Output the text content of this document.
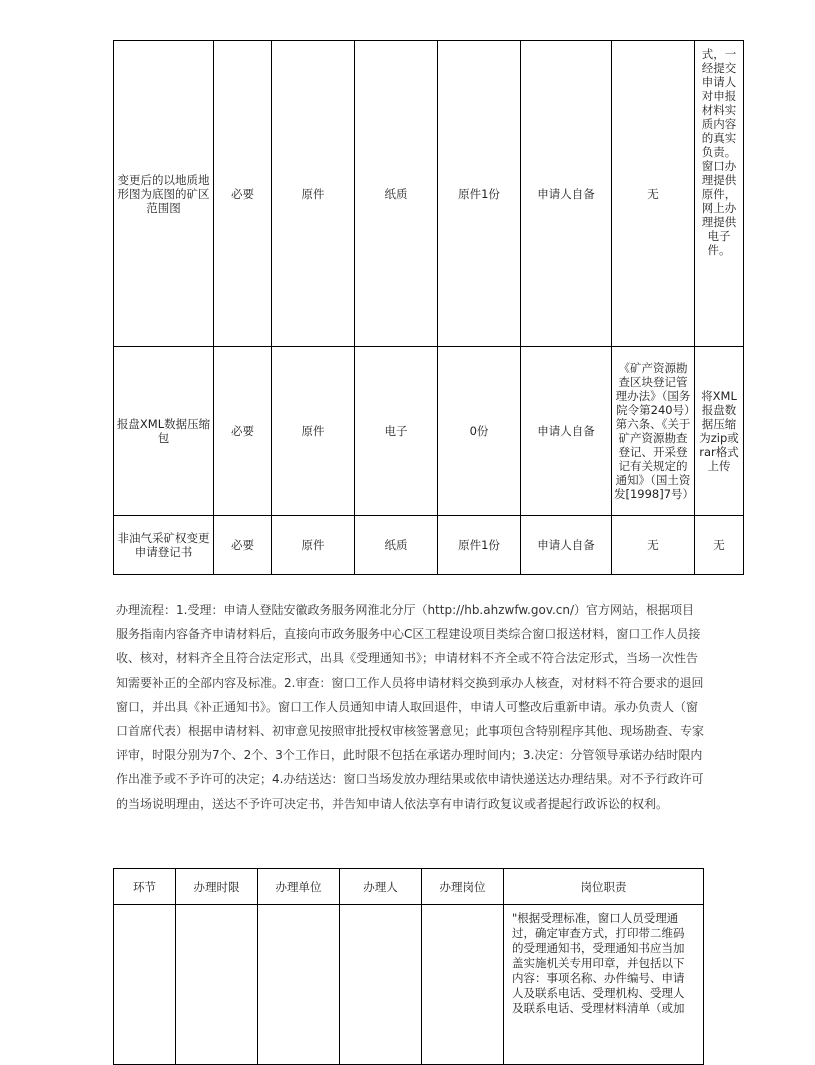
变更后的以地质地形图为底图的矿区范围图	必要	原件	纸质	原件1份	申请人自备	无	式，一经提交申请人对申报材料实质内容的真实负责。窗口办理提供原件，网上办理提供电子件。
报盘XML数据压缩包	必要	原件	电子	0份	申请人自备	《矿产资源勘查区块登记管理办法》（国务院令第240号）第六条、《关于矿产资源勘查登记、开采登记有关规定的通知》（国土资发[1998]7号）	将XML报盘数据压缩为zip或rar格式上传
非油气采矿权变更申请登记书	必要	原件	纸质	原件1份	申请人自备	无	无

办理流程：1.受理：申请人登陆安徽政务服务网淮北分厅（http://hb.ahzwfw.gov.cn/）官方网站，根据项目服务指南内容备齐申请材料后，直接向市政务服务中心C区工程建设项目类综合窗口报送材料，窗口工作人员接收、核对，材料齐全且符合法定形式，出具《受理通知书》；申请材料不齐全或不符合法定形式，当场一次性告知需要补正的全部内容及标准。2.审查：窗口工作人员将申请材料交换到承办人核查，对材料不符合要求的退回窗口，并出具《补正通知书》。窗口工作人员通知申请人取回退件，申请人可整改后重新申请。承办负责人（窗口首席代表）根据申请材料、初审意见按照审批授权审核签署意见；此事项包含特别程序其他、现场勘查、专家评审，时限分别为7个、2个、3个工作日，此时限不包括在承诺办理时间内；3.决定：分管领导承诺办结时限内作出准予或不予许可的决定；4.办结送达：窗口当场发放办理结果或依申请快递送达办理结果。对不予行政许可的当场说明理由，送达不予许可决定书，并告知申请人依法享有申请行政复议或者提起行政诉讼的权利。

环节	办理时限	办理单位	办理人	办理岗位	岗位职责
					"根据受理标准，窗口人员受理通过，确定审查方式，打印带二维码的受理通知书，受理通知书应当加盖实施机关专用印章，并包括以下内容：事项名称、办件编号、申请人及联系电话、受理机构、受理人及联系电话、受理材料清单（或加
